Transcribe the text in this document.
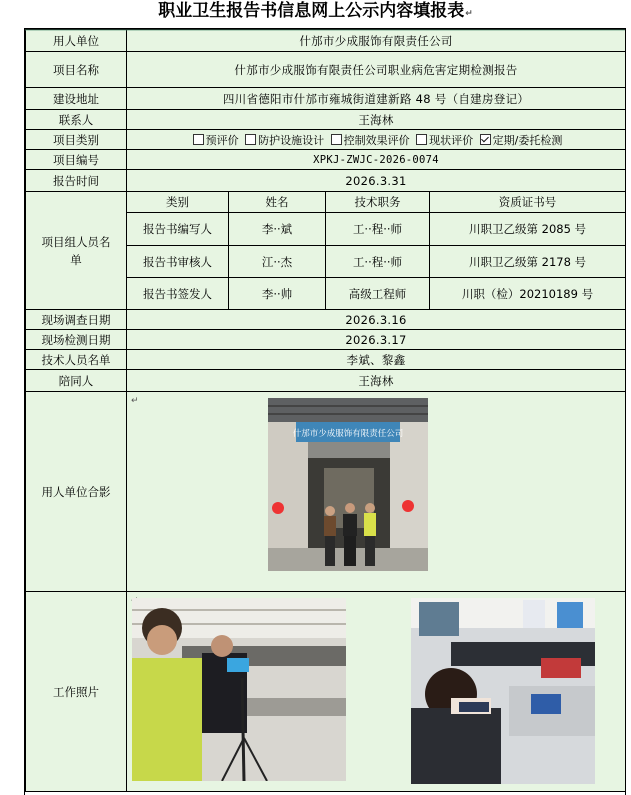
职业卫生报告书信息网上公示内容填报表↵
用人单位	什邡市少成服饰有限责任公司			
项目名称	什邡市少成服饰有限责任公司职业病危害定期检测报告			
建设地址	四川省德阳市什邡市雍城街道建新路 48 号（自建房登记）			
联系人	王海林			
项目类别	预评价 防护设施设计 控制效果评价 现状评价 定期/委托检测			
项目编号	XPKJ-ZWJC-2026-0074			
报告时间	2026.3.31			
项目组人员名单	类别	姓名	技术职务	资质证书号
	报告书编写人	李··斌	工··程··师	川职卫乙级第 2085 号
	报告书审核人	江··杰	工··程··师	川职卫乙级第 2178 号
	报告书签发人	李··帅	高级工程师	川职（检）20210189 号
现场调查日期	2026.3.16			
现场检测日期	2026.3.17			
技术人员名单	李斌、黎鑫			
陪同人	王海林			
用人单位合影	↵
什邡市少成服饰有限责任公司			

工作照片	
